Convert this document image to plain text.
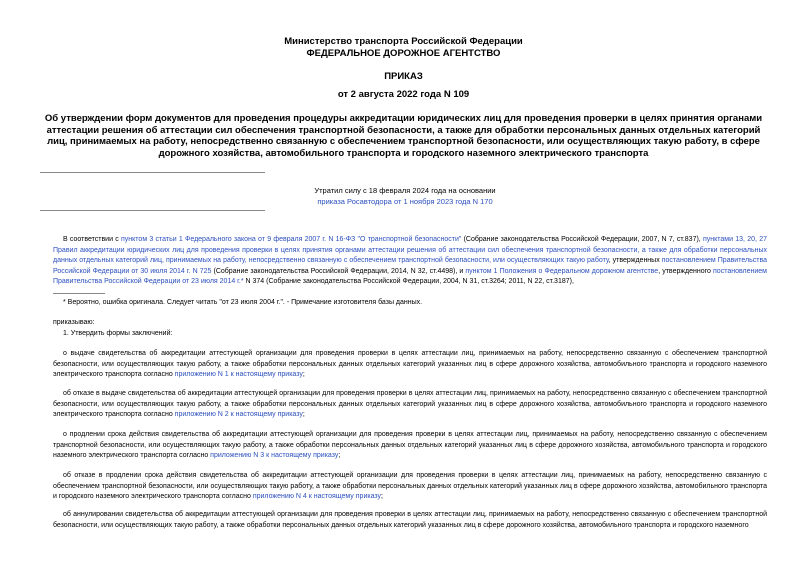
Министерство транспорта Российской Федерации
ФЕДЕРАЛЬНОЕ ДОРОЖНОЕ АГЕНТСТВО
ПРИКАЗ
от 2 августа 2022 года N 109
Об утверждении форм документов для проведения процедуры аккредитации юридических лиц для проведения проверки в целях принятия органами аттестации решения об аттестации сил обеспечения транспортной безопасности, а также для обработки персональных данных отдельных категорий лиц, принимаемых на работу, непосредственно связанную с обеспечением транспортной безопасности, или осуществляющих такую работу, в сфере дорожного хозяйства, автомобильного транспорта и городского наземного электрического транспорта
Утратил силу с 18 февраля 2024 года на основании
приказа Росавтодора от 1 ноября 2023 года N 170
В соответствии с пунктом 3 статьи 1 Федерального закона от 9 февраля 2007 г. N 16-ФЗ "О транспортной безопасности" (Собрание законодательства Российской Федерации, 2007, N 7, ст.837), пунктами 13, 20, 27 Правил аккредитации юридических лиц для проведения проверки в целях принятия органами аттестации решения об аттестации сил обеспечения транспортной безопасности, а также для обработки персональных данных отдельных категорий лиц, принимаемых на работу, непосредственно связанную с обеспечением транспортной безопасности, или осуществляющих такую работу, утвержденных постановлением Правительства Российской Федерации от 30 июля 2014 г. N 725 (Собрание законодательства Российской Федерации, 2014, N 32, ст.4498), и пунктом 1 Положения о Федеральном дорожном агентстве, утвержденного постановлением Правительства Российской Федерации от 23 июля 2014 г.* N 374 (Собрание законодательства Российской Федерации, 2004, N 31, ст.3264; 2011, N 22, ст.3187),
* Вероятно, ошибка оригинала. Следует читать "от 23 июля 2004 г.". - Примечание изготовителя базы данных.
приказываю:
1. Утвердить формы заключений:
о выдаче свидетельства об аккредитации аттестующей организации для проведения проверки в целях аттестации лиц, принимаемых на работу, непосредственно связанную с обеспечением транспортной безопасности, или осуществляющих такую работу, а также обработки персональных данных отдельных категорий указанных лиц в сфере дорожного хозяйства, автомобильного транспорта и городского наземного электрического транспорта согласно приложению N 1 к настоящему приказу;
об отказе в выдаче свидетельства об аккредитации аттестующей организации для проведения проверки в целях аттестации лиц, принимаемых на работу, непосредственно связанную с обеспечением транспортной безопасности, или осуществляющих такую работу, а также обработки персональных данных отдельных категорий указанных лиц в сфере дорожного хозяйства, автомобильного транспорта и городского наземного электрического транспорта согласно приложению N 2 к настоящему приказу;
о продлении срока действия свидетельства об аккредитации аттестующей организации для проведения проверки в целях аттестации лиц, принимаемых на работу, непосредственно связанную с обеспечением транспортной безопасности, или осуществляющих такую работу, а также обработки персональных данных отдельных категорий указанных лиц в сфере дорожного хозяйства, автомобильного транспорта и городского наземного электрического транспорта согласно приложению N 3 к настоящему приказу;
об отказе в продлении срока действия свидетельства об аккредитации аттестующей организации для проведения проверки в целях аттестации лиц, принимаемых на работу, непосредственно связанную с обеспечением транспортной безопасности, или осуществляющих такую работу, а также обработки персональных данных отдельных категорий указанных лиц в сфере дорожного хозяйства, автомобильного транспорта и городского наземного электрического транспорта согласно приложению N 4 к настоящему приказу;
об аннулировании свидетельства об аккредитации аттестующей организации для проведения проверки в целях аттестации лиц, принимаемых на работу, непосредственно связанную с обеспечением транспортной безопасности, или осуществляющих такую работу, а также обработки персональных данных отдельных категорий указанных лиц в сфере дорожного хозяйства, автомобильного транспорта и городского наземного
